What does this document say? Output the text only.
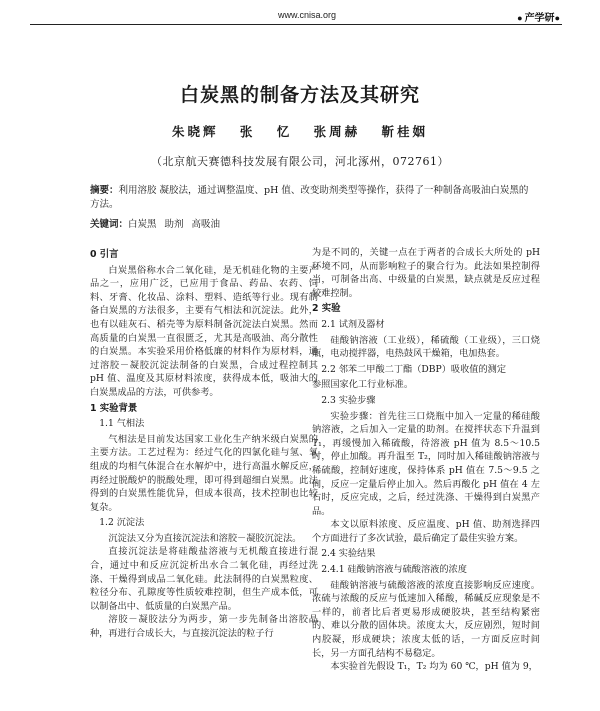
www.cnisa.org	● 产学研●
白炭黑的制备方法及其研究
朱晓辉 张 忆 张周赫 靳桂姻
（北京航天赛德科技发展有限公司，河北涿州，072761）
摘要：利用溶胶 凝胶法，通过调整温度、pH 值、改变助剂类型等操作，获得了一种制备高吸油白炭黑的方法。
关键词：白炭黑 助剂 高吸油
0 引言

白炭黑俗称水合二氧化硅，是无机硅化物的主要产品之一，应用广泛，已应用于食品、药品、农药、饲料、牙膏、化妆品、涂料、塑料、造纸等行业。现有制备白炭黑的方法很多，主要有气相法和沉淀法。此外，也有以硅灰石、稻壳等为原料制备沉淀法白炭黑。然而高质量的白炭黑一直很匮乏，尤其是高吸油、高分散性的白炭黑。本实验采用价格低廉的材料作为原材料，通过溶胶－凝胶沉淀法制备的白炭黑，合成过程控制其 pH 值、温度及其原材料浓度，获得成本低，吸油大的白炭黑成品的方法，可供参考。

1 实验背景
1.1 气相法

气相法是目前发达国家工业化生产纳米级白炭黑的主要方法。工艺过程为：经过气化的四氯化硅与氢、氧组成的均相气体混合在水解炉中，进行高温水解反应，再经过脱酸炉的脱酸处理，即可得到超细白炭黑。此法得到的白炭黑性能优异，但成本很高，技术控制也比较复杂。

1.2 沉淀法

沉淀法又分为直接沉淀法和溶胶－凝胶沉淀法。

直接沉淀法是将硅酸盐溶液与无机酸直接进行混合，通过中和反应沉淀析出水合二氧化硅，再经过洗涤、干燥得到成品二氧化硅。此法制得的白炭黑粒度、粒径分布、孔隙度等性质较难控制，但生产成本低，可以制备出中、低质量的白炭黑产品。

溶胶－凝胶法分为两步，第一步先制备出溶胶晶种，再进行合成长大，与直接沉淀法的粒子行

为是不同的，关键一点在于两者的合成长大所处的 pH 环境不同，从而影响粒子的聚合行为。此法如果控制得当，可制备出高、中级量的白炭黑，缺点就是反应过程较难控制。

2 实验
2.1 试剂及器材

硅酸钠溶液（工业级），稀硫酸（工业级），三口烧瓶，电动搅拌器，电热鼓风干燥箱，电加热套。

2.2 邻苯二甲酸二丁酯（DBP）吸收值的测定

参照国家化工行业标准。

2.3 实验步骤

实验步骤：首先往三口烧瓶中加入一定量的稀硅酸钠溶液，之后加入一定量的助剂。在搅拌状态下升温到 T₁，再缓慢加入稀硫酸，待溶液 pH 值为 8.5～10.5 时，停止加酸。再升温至 T₂，同时加入稀硅酸钠溶液与稀硫酸，控制好速度，保持体系 pH 值在 7.5～9.5 之间，反应一定量后停止加入。然后再酸化 pH 值在 4 左右时，反应完成，之后，经过洗涤、干燥得到白炭黑产品。

本文以原料浓度、反应温度、pH 值、助剂选择四个方面进行了多次试验，最后确定了最佳实验方案。

2.4 实验结果
2.4.1 硅酸钠溶液与硫酸溶液的浓度

硅酸钠溶液与硫酸溶液的浓度直接影响反应速度。浓硫与浓酸的反应与低速加入稀酸，稀碱反应现象是不一样的，前者比后者更易形成硬胶块，甚至结构紧密的、难以分散的固体块。浓度太大，反应剧烈，短时间内胶凝，形成硬块；浓度太低的话，一方面反应时间长，另一方面孔结构不易稳定。

本实验首先假设 T₁，T₂ 均为 60 ℃，pH 值为 9，
